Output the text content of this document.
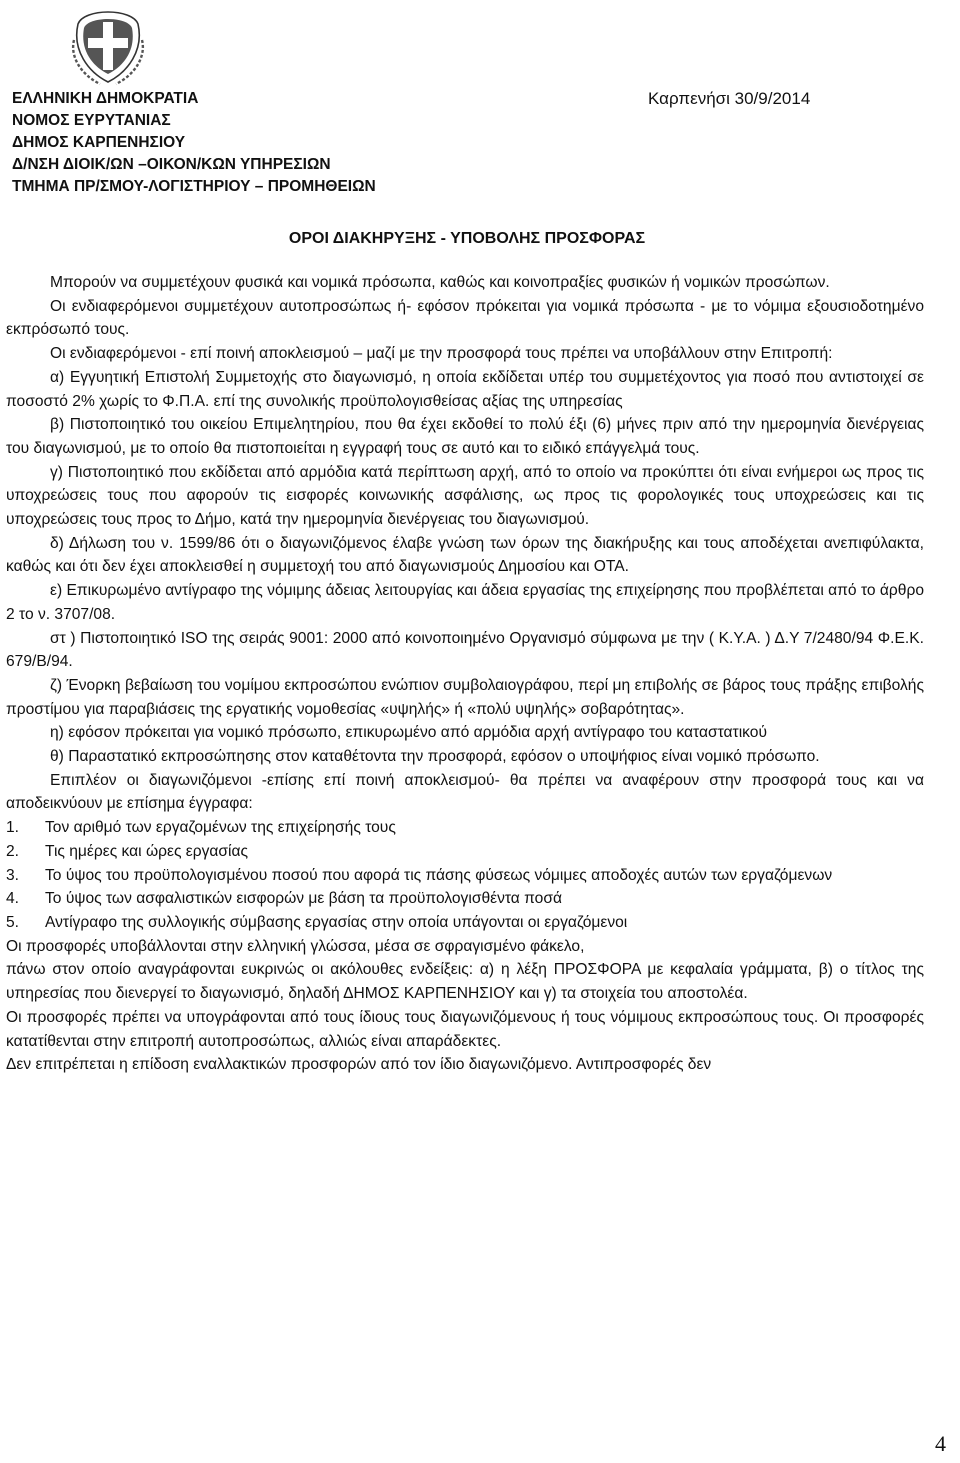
ΕΛΛΗΝΙΚΗ ΔΗΜΟΚΡΑΤΙΑ
ΝΟΜΟΣ ΕΥΡΥΤΑΝΙΑΣ
ΔΗΜΟΣ ΚΑΡΠΕΝΗΣΙΟΥ
Δ/ΝΣΗ ΔΙΟΙΚ/ΩΝ –ΟΙΚΟΝ/ΚΩΝ ΥΠΗΡΕΣΙΩΝ
ΤΜΗΜΑ ΠΡ/ΣΜΟΥ-ΛΟΓΙΣΤΗΡΙΟΥ – ΠΡΟΜΗΘΕΙΩΝ
Καρπενήσι 30/9/2014
ΟΡΟΙ ΔΙΑΚΗΡΥΞΗΣ - ΥΠΟΒΟΛΗΣ ΠΡΟΣΦΟΡΑΣ

Μπορούν να συμμετέχουν φυσικά και νομικά πρόσωπα, καθώς και κοινοπραξίες φυσικών ή νομικών προσώπων.

Οι ενδιαφερόμενοι συμμετέχουν αυτοπροσώπως ή- εφόσον πρόκειται για νομικά πρόσωπα - με το νόμιμα εξουσιοδοτημένο εκπρόσωπό τους.

Οι ενδιαφερόμενοι - επί ποινή αποκλεισμού – μαζί με την προσφορά τους πρέπει να υποβάλλουν στην Επιτροπή:

α) Εγγυητική Επιστολή Συμμετοχής στο διαγωνισμό, η οποία εκδίδεται υπέρ του συμμετέχοντος για ποσό που αντιστοιχεί σε ποσοστό 2% χωρίς το Φ.Π.Α. επί της συνολικής προϋπολογισθείσας αξίας της υπηρεσίας

β) Πιστοποιητικό του οικείου Επιμελητηρίου, που θα έχει εκδοθεί το πολύ έξι (6) μήνες πριν από την ημερομηνία διενέργειας του διαγωνισμού, με το οποίο θα πιστοποιείται η εγγραφή τους σε αυτό και το ειδικό επάγγελμά τους.

γ) Πιστοποιητικό που εκδίδεται από αρμόδια κατά περίπτωση αρχή, από το οποίο να προκύπτει ότι είναι ενήμεροι ως προς τις υποχρεώσεις τους που αφορούν τις εισφορές κοινωνικής ασφάλισης, ως προς τις φορολογικές τους υποχρεώσεις και τις υποχρεώσεις τους προς το Δήμο, κατά την ημερομηνία διενέργειας του διαγωνισμού.

δ) Δήλωση του ν. 1599/86 ότι ο διαγωνιζόμενος έλαβε γνώση των όρων της διακήρυξης και τους αποδέχεται ανεπιφύλακτα, καθώς και ότι δεν έχει αποκλεισθεί η συμμετοχή του από διαγωνισμούς Δημοσίου και ΟΤΑ.

ε) Επικυρωμένο αντίγραφο της νόμιμης άδειας λειτουργίας και άδεια εργασίας της επιχείρησης που προβλέπεται από το άρθρο 2 το ν. 3707/08.

στ ) Πιστοποιητικό ISO της σειράς 9001: 2000 από κοινοποιημένο Οργανισμό σύμφωνα με την ( Κ.Υ.Α. ) Δ.Υ 7/2480/94 Φ.Ε.Κ. 679/Β/94.

ζ) Ένορκη βεβαίωση του νομίμου εκπροσώπου ενώπιον συμβολαιογράφου, περί μη επιβολής σε βάρος τους πράξης επιβολής προστίμου για παραβιάσεις της εργατικής νομοθεσίας «υψηλής» ή «πολύ υψηλής» σοβαρότητας».

η) εφόσον πρόκειται για νομικό πρόσωπο, επικυρωμένο από αρμόδια αρχή αντίγραφο του καταστατικού

θ) Παραστατικό εκπροσώπησης στον καταθέτοντα την προσφορά, εφόσον ο υποψήφιος είναι νομικό πρόσωπο.

Επιπλέον οι διαγωνιζόμενοι -επίσης επί ποινή αποκλεισμού- θα πρέπει να αναφέρουν στην προσφορά τους και να αποδεικνύουν με επίσημα έγγραφα:

1. Τον αριθμό των εργαζομένων της επιχείρησής τους

2. Τις ημέρες και ώρες εργασίας

3. Το ύψος του προϋπολογισμένου ποσού που αφορά τις πάσης φύσεως νόμιμες αποδοχές αυτών των εργαζόμενων

4. Το ύψος των ασφαλιστικών εισφορών με βάση τα προϋπολογισθέντα ποσά

5. Αντίγραφο της συλλογικής σύμβασης εργασίας στην οποία υπάγονται οι εργαζόμενοι

Οι προσφορές υποβάλλονται στην ελληνική γλώσσα, μέσα σε σφραγισμένο φάκελο,

πάνω στον οποίο αναγράφονται ευκρινώς οι ακόλουθες ενδείξεις: α) η λέξη ΠΡΟΣΦΟΡΑ με κεφαλαία γράμματα, β) ο τίτλος της υπηρεσίας που διενεργεί το διαγωνισμό, δηλαδή ΔΗΜΟΣ ΚΑΡΠΕΝΗΣΙΟΥ και γ) τα στοιχεία του αποστολέα.

Οι προσφορές πρέπει να υπογράφονται από τους ίδιους τους διαγωνιζόμενους ή τους νόμιμους εκπροσώπους τους. Οι προσφορές κατατίθενται στην επιτροπή αυτοπροσώπως, αλλιώς είναι απαράδεκτες.

Δεν επιτρέπεται η επίδοση εναλλακτικών προσφορών από τον ίδιο διαγωνιζόμενο. Αντιπροσφορές δεν

4
